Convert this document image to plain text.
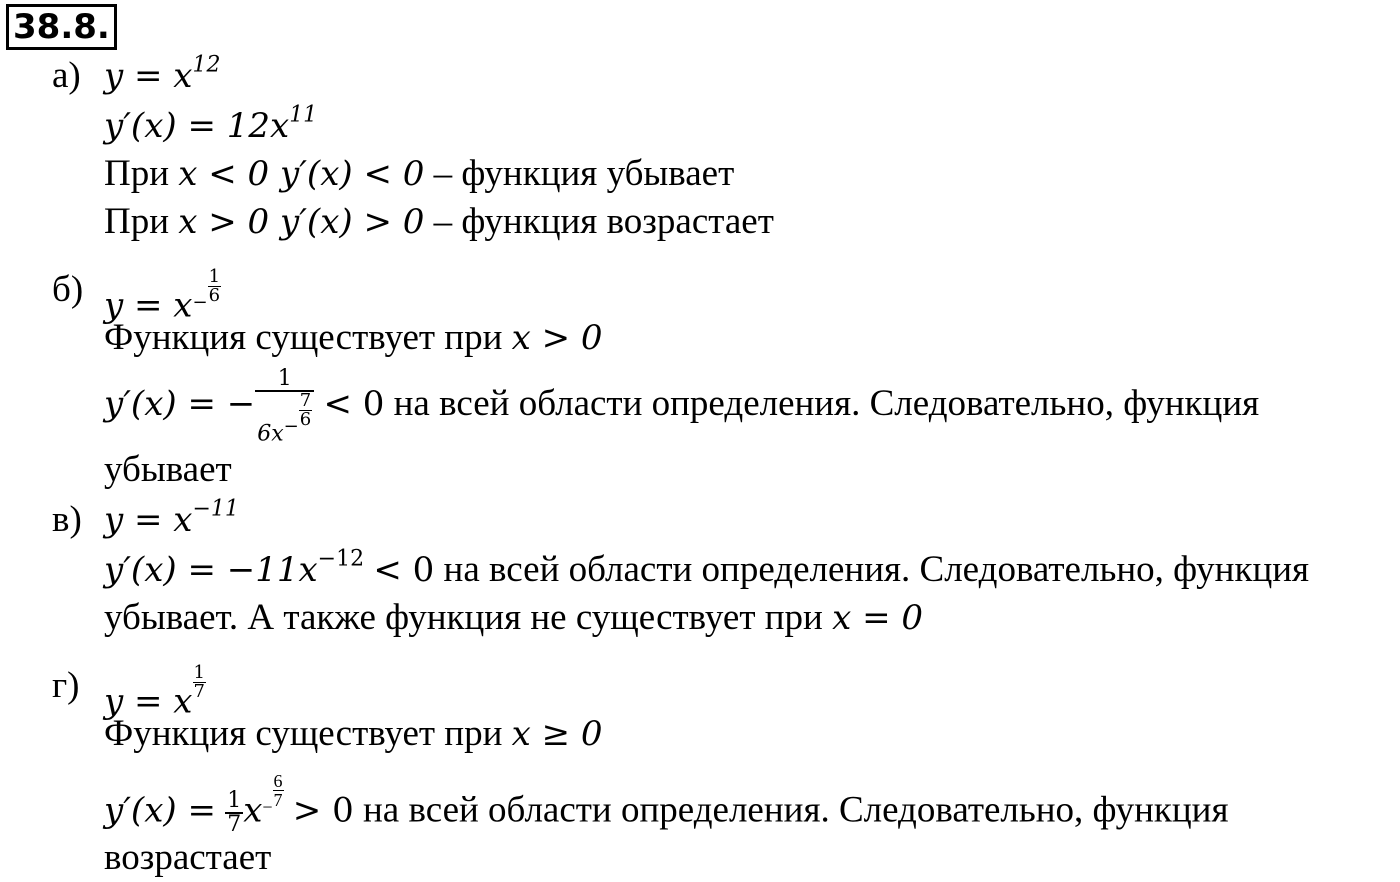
38.8.
а) $y = x^{12}$
$y'(x) = 12x^{11}$
При x < 0 y′(x) < 0 – функция убывает
При x > 0 y′(x) > 0 – функция возрастает
б) $y = x- \frac{1}{6}$
Функция существует при x > 0
y′(x) = − $\frac{1}{6x- \frac{7}{6}} < 0$ на всей области определения. Следовательно, функция
убывает
в) $y = x^{-11}$
$y'(x) = -11x^{-12} < 0$ на всей области определения. Следовательно, функция
убывает. А также функция не существует при x = 0
г) y = x $\frac{1}{7}$
Функция существует при x ≥ 0
$y'(x) = \frac{1}{7} x- \frac{6}{7} > 0$ на всей области определения. Следовательно, функция
возрастает
